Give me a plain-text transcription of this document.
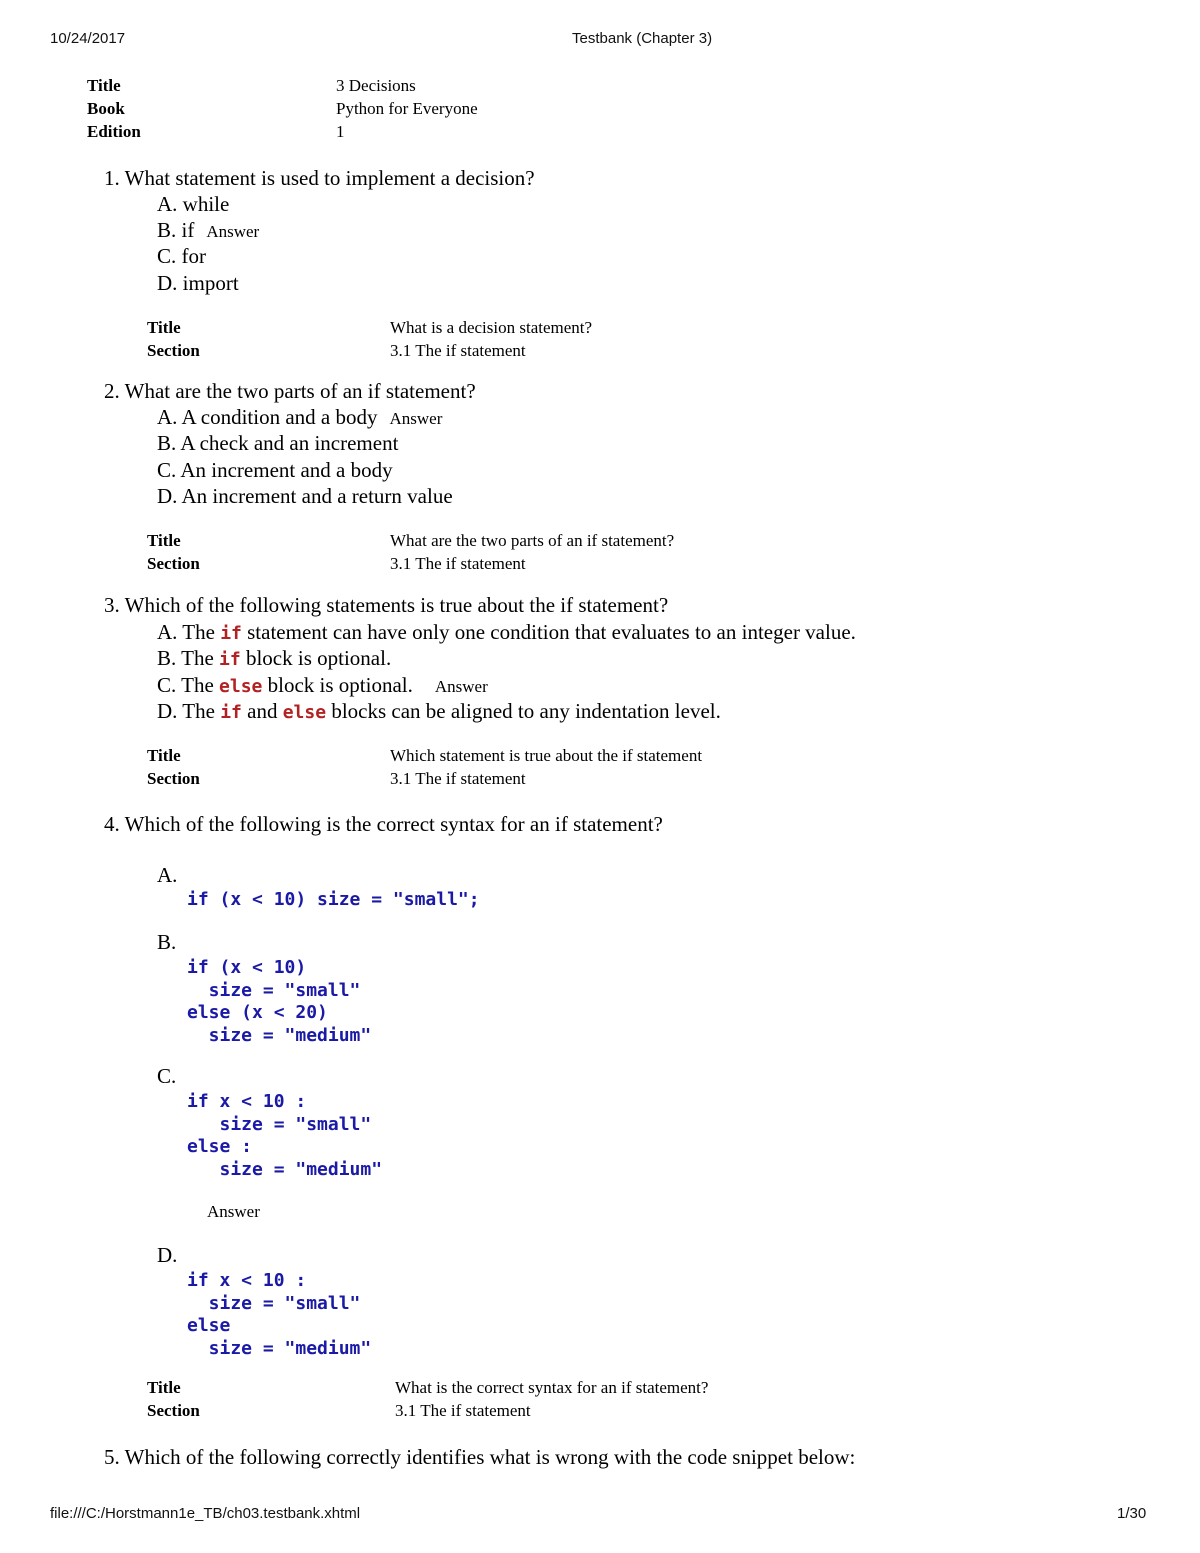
10/24/2017	Testbank (Chapter 3)
Title	3 Decisions
Book	Python for Everyone
Edition	1
1. What statement is used to implement a decision?
A. while
B. if Answer
C. for
D. import
Title	What is a decision statement?
Section	3.1 The if statement
2. What are the two parts of an if statement?
A. A condition and a body Answer
B. A check and an increment
C. An increment and a body
D. An increment and a return value
Title	What are the two parts of an if statement?
Section	3.1 The if statement
3. Which of the following statements is true about the if statement?
A. The if statement can have only one condition that evaluates to an integer value.
B. The if block is optional.
C. The else block is optional. Answer
D. The if and else blocks can be aligned to any indentation level.
Title	Which statement is true about the if statement
Section	3.1 The if statement
4. Which of the following is the correct syntax for an if statement?
A.
if (x < 10) size = "small";
B.
if (x < 10)
size = "small"
else (x < 20)
size = "medium"
C.
if x < 10 :
size = "small"
else :
size = "medium"
Answer
D.
if x < 10 :
size = "small"
else
size = "medium"
Title	What is the correct syntax for an if statement?
Section	3.1 The if statement
5. Which of the following correctly identifies what is wrong with the code snippet below:
file:///C:/Horstmann1e_TB/ch03.testbank.xhtml	1/30
